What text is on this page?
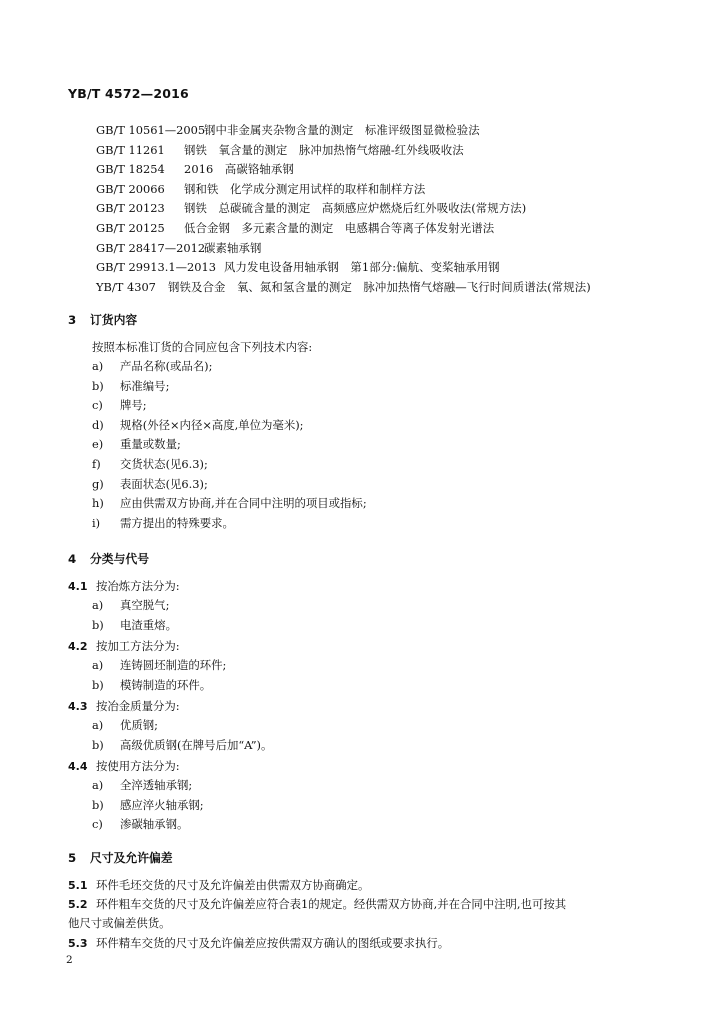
YB/T 4572—2016
GB/T 10561—2005钢中非金属夹杂物含量的测定　标准评级图显微检验法
GB/T 11261 钢铁　氧含量的测定　脉冲加热惰气熔融-红外线吸收法
GB/T 18254 2016　高碳铬轴承钢
GB/T 20066 钢和铁　化学成分测定用试样的取样和制样方法
GB/T 20123 钢铁　总碳硫含量的测定　高频感应炉燃烧后红外吸收法(常规方法)
GB/T 20125 低合金钢　多元素含量的测定　电感耦合等离子体发射光谱法
GB/T 28417—2012碳素轴承钢
GB/T 29913.1—2013 风力发电设备用轴承钢　第1部分:偏航、变桨轴承用钢
YB/T 4307 钢铁及合金　氧、氮和氢含量的测定　脉冲加热惰气熔融—飞行时间质谱法(常规法)
3 订货内容
按照本标准订货的合同应包含下列技术内容:
a) 产品名称(或品名);
b) 标准编号;
c) 牌号;
d) 规格(外径×内径×高度,单位为毫米);
e) 重量或数量;
f) 交货状态(见6.3);
g) 表面状态(见6.3);
h) 应由供需双方协商,并在合同中注明的项目或指标;
i) 需方提出的特殊要求。
4 分类与代号
4.1 按冶炼方法分为:
a) 真空脱气;
b) 电渣重熔。
4.2 按加工方法分为:
a) 连铸圆坯制造的环件;
b) 模铸制造的环件。
4.3 按冶金质量分为:
a) 优质钢;
b) 高级优质钢(在牌号后加“A”)。
4.4 按使用方法分为:
a) 全淬透轴承钢;
b) 感应淬火轴承钢;
c) 渗碳轴承钢。
5 尺寸及允许偏差
5.1 环件毛坯交货的尺寸及允许偏差由供需双方协商确定。
5.2 环件粗车交货的尺寸及允许偏差应符合表1的规定。经供需双方协商,并在合同中注明,也可按其
他尺寸或偏差供货。
5.3 环件精车交货的尺寸及允许偏差应按供需双方确认的图纸或要求执行。
2
